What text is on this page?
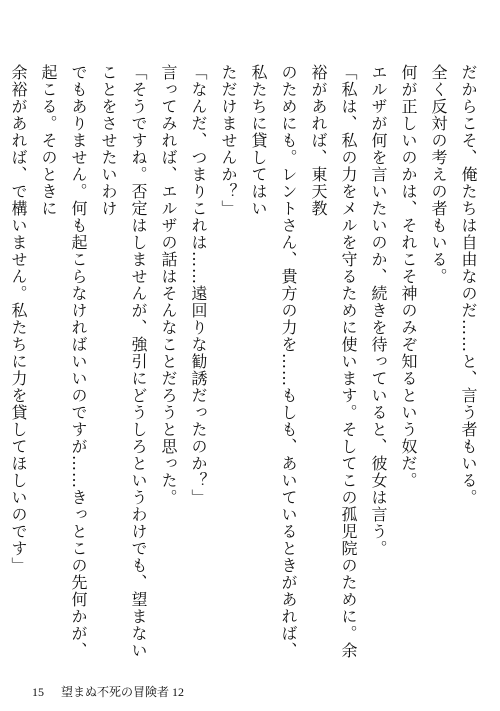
だからこそ、俺たちは自由なのだ……と、言う者もいる。
全く反対の考えの者もいる。
何が正しいのかは、それこそ神のみぞ知るという奴だ。
エルザが何を言いたいのか、続きを待っていると、彼女は言う。
「私は、私の力をメルを守るために使います。そしてこの孤児院のために。余裕があれば、東天教
のためにも。レントさん、貴方の力を……もしも、あいているときがあれば、私たちに貸してはい
ただけませんか？」
「なんだ、つまりこれは……遠回りな勧誘だったのか？」
言ってみれば、エルザの話はそんなことだろうと思った。
「そうですね。否定はしませんが、強引にどうしろというわけでも、望まないことをさせたいわけ
でもありません。何も起こらなければいいのですが……きっとこの先何かが、起こる。そのときに
余裕があれば、で構いません。私たちに力を貸してほしいのです」
15 望まぬ不死の冒険者 12
